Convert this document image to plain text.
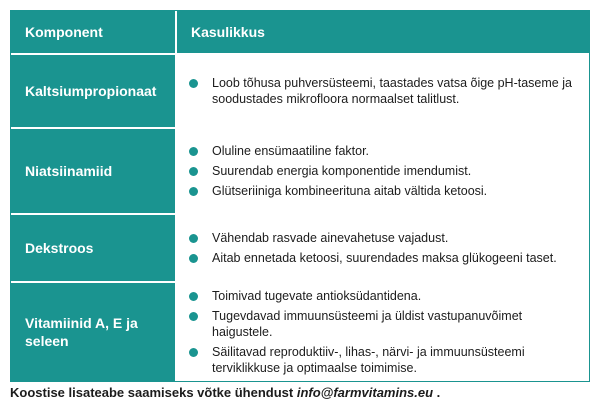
Komponent	Kasulikkus
Kaltsiumpropionaat	Loob tõhusa puhversüsteemi, taastades vatsa õige pH-taseme ja soodustades mikrofloora normaalset talitlust.
Niatsiinamiid
Oluline ensümaatiline faktor.
Suurendab energia komponentide imendumist.
Glütseriiniga kombineerituna aitab vältida ketoosi.
Dekstroos
Vähendab rasvade ainevahetuse vajadust.
Aitab ennetada ketoosi, suurendades maksa glükogeeni taset.
Vitamiinid A, E ja seleen
Toimivad tugevate antioksüdantidena.
Tugevdavad immuunsüsteemi ja üldist vastupanuvõimet haigustele.
Säilitavad reproduktiiv-, lihas-, närvi- ja immuunsüsteemi terviklikkuse ja optimaalse toimimise.
Koostise lisateabe saamiseks võtke ühendust info@farmvitamins.eu .
